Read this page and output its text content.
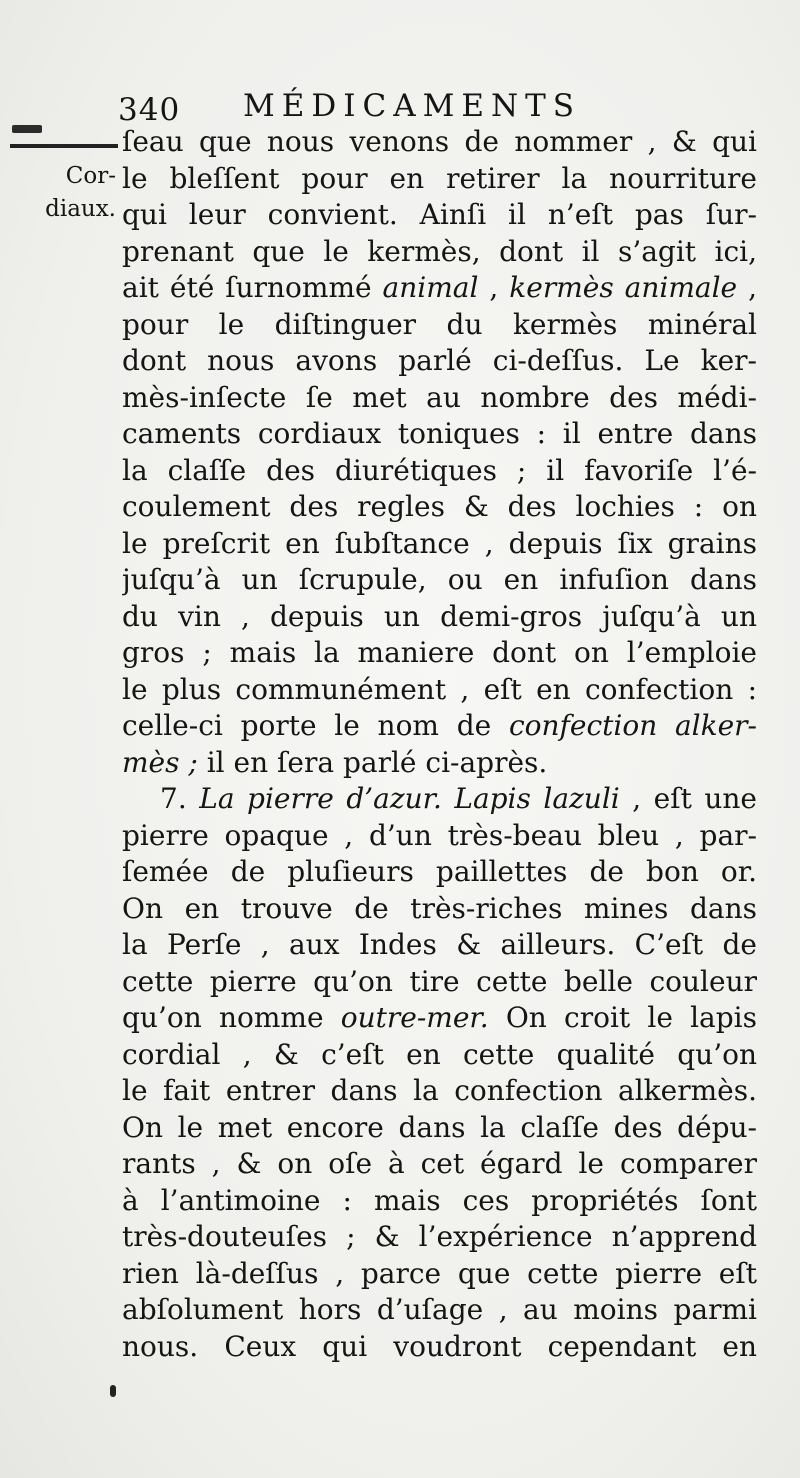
340 MÉDICAMENTS
Cor-
diaux.
ſeau que nous venons de nommer , & qui
le bleſſent pour en retirer la nourriture
qui leur convient. Ainſi il n’eſt pas ſur-
prenant que le kermès, dont il s’agit ici,
ait été ſurnommé animal , kermès animale ,
pour le diſtinguer du kermès minéral
dont nous avons parlé ci-deſſus. Le ker-
mès-inſecte ſe met au nombre des médi-
caments cordiaux toniques : il entre dans
la claſſe des diurétiques ; il favoriſe l’é-
coulement des regles & des lochies : on
le preſcrit en ſubſtance , depuis ſix grains
juſqu’à un ſcrupule, ou en infuſion dans
du vin , depuis un demi-gros juſqu’à un
gros ; mais la maniere dont on l’emploie
le plus communément , eſt en confection :
celle-ci porte le nom de confection alker-
mès ; il en ſera parlé ci-après.
7. La pierre d’azur. Lapis lazuli , eſt une
pierre opaque , d’un très-beau bleu , par-
ſemée de pluſieurs paillettes de bon or.
On en trouve de très-riches mines dans
la Perſe , aux Indes & ailleurs. C’eſt de
cette pierre qu’on tire cette belle couleur
qu’on nomme outre-mer. On croit le lapis
cordial , & c’eſt en cette qualité qu’on
le fait entrer dans la confection alkermès.
On le met encore dans la claſſe des dépu-
rants , & on oſe à cet égard le comparer
à l’antimoine : mais ces propriétés ſont
très-douteuſes ; & l’expérience n’apprend
rien là-deſſus , parce que cette pierre eſt
abſolument hors d’uſage , au moins parmi
nous. Ceux qui voudront cependant en
